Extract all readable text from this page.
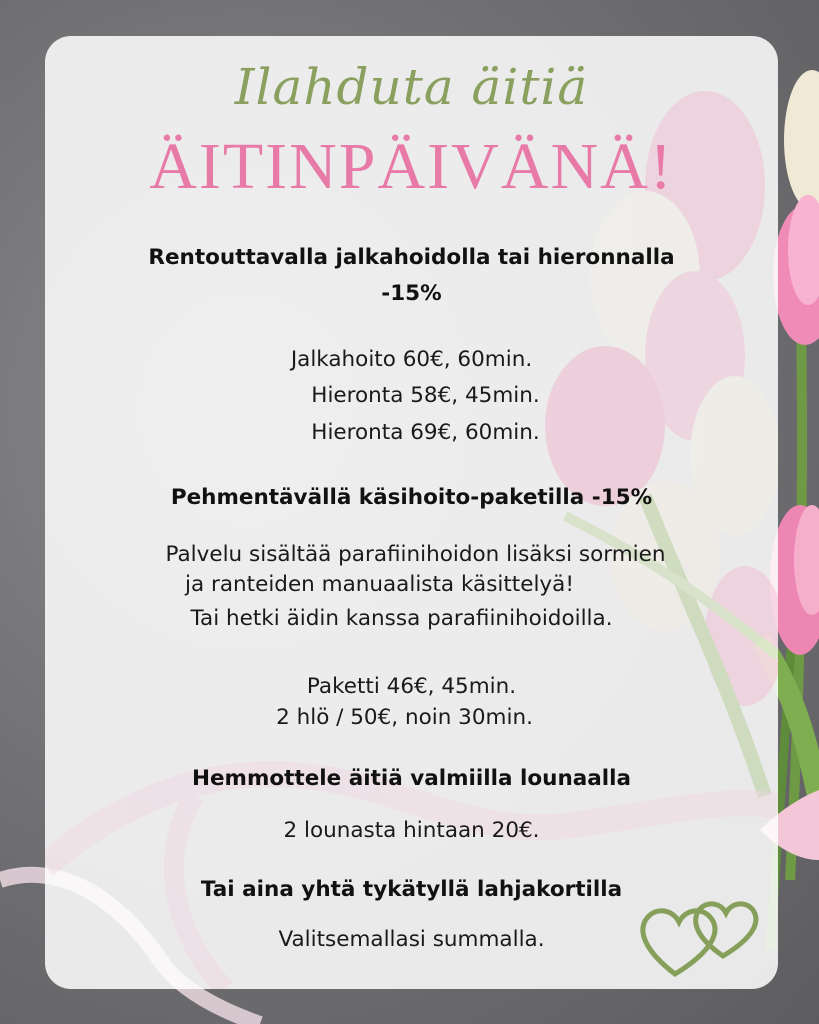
Ilahduta äitiä
ÄITINPÄIVÄNÄ!
Rentouttavalla jalkahoidolla tai hieronnalla
-15%
Jalkahoito 60€, 60min.
Hieronta 58€, 45min.
Hieronta 69€, 60min.
Pehmentävällä käsihoito-paketilla -15%
Palvelu sisältää parafiinihoidon lisäksi sormien
ja ranteiden manuaalista käsittelyä!
Tai hetki äidin kanssa parafiinihoidoilla.
Paketti 46€, 45min.
2 hlö / 50€, noin 30min.
Hemmottele äitiä valmiilla lounaalla
2 lounasta hintaan 20€.
Tai aina yhtä tykätyllä lahjakortilla
Valitsemallasi summalla.
